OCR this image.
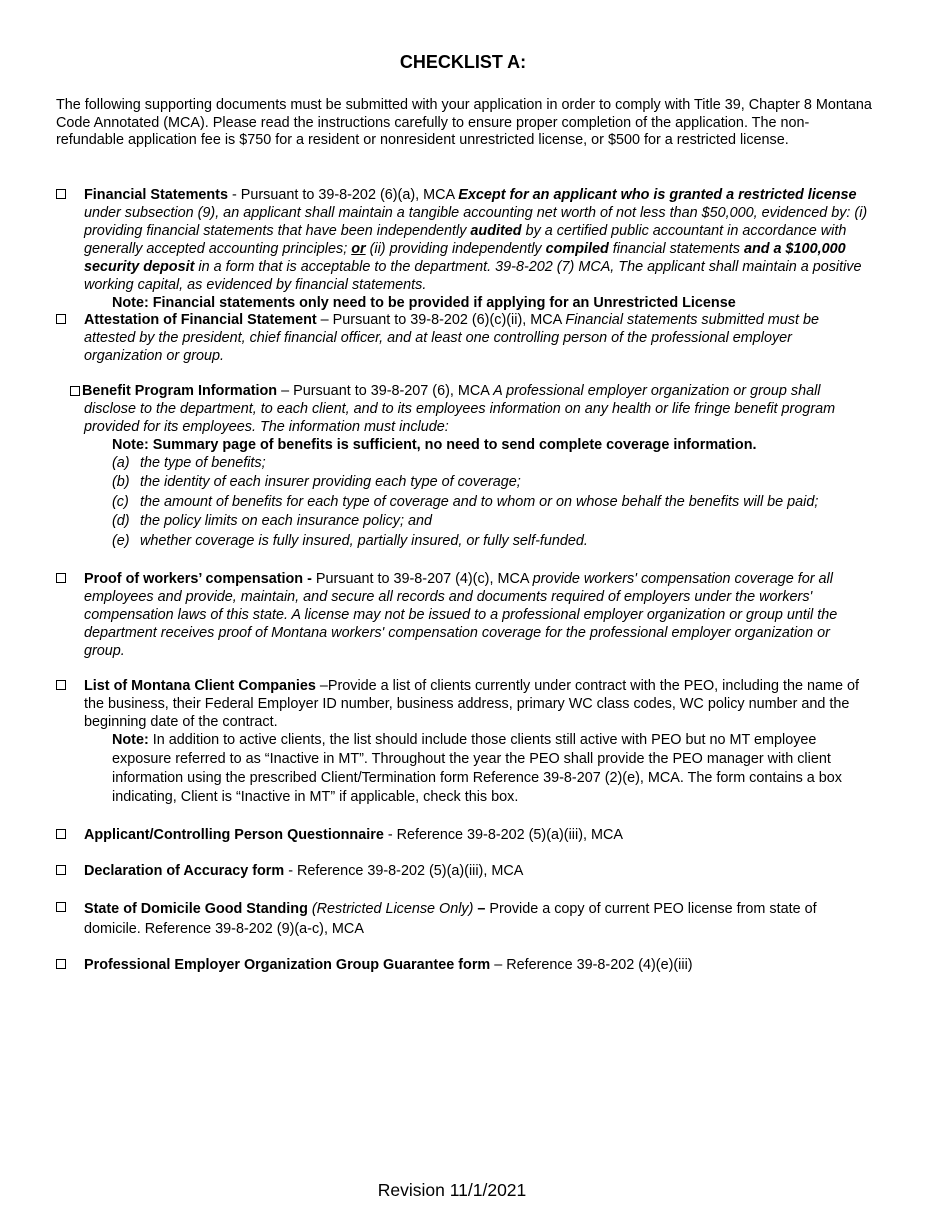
CHECKLIST A:
The following supporting documents must be submitted with your application in order to comply with Title 39, Chapter 8 Montana Code Annotated (MCA). Please read the instructions carefully to ensure proper completion of the application. The non-refundable application fee is $750 for a resident or nonresident unrestricted license, or $500 for a restricted license.
Financial Statements - Pursuant to 39-8-202 (6)(a), MCA Except for an applicant who is granted a restricted license under subsection (9), an applicant shall maintain a tangible accounting net worth of not less than $50,000, evidenced by: (i) providing financial statements that have been independently audited by a certified public accountant in accordance with generally accepted accounting principles; or (ii) providing independently compiled financial statements and a $100,000 security deposit in a form that is acceptable to the department. 39-8-202 (7) MCA, The applicant shall maintain a positive working capital, as evidenced by financial statements.
Note: Financial statements only need to be provided if applying for an Unrestricted License
Attestation of Financial Statement – Pursuant to 39-8-202 (6)(c)(ii), MCA Financial statements submitted must be attested by the president, chief financial officer, and at least one controlling person of the professional employer organization or group.
Benefit Program Information – Pursuant to 39-8-207 (6), MCA A professional employer organization or group shall disclose to the department, to each client, and to its employees information on any health or life fringe benefit program provided for its employees. The information must include:
Note: Summary page of benefits is sufficient, no need to send complete coverage information.
(a) the type of benefits;
(b) the identity of each insurer providing each type of coverage;
(c) the amount of benefits for each type of coverage and to whom or on whose behalf the benefits will be paid;
(d) the policy limits on each insurance policy; and
(e) whether coverage is fully insured, partially insured, or fully self-funded.
Proof of workers’ compensation - Pursuant to 39-8-207 (4)(c), MCA provide workers' compensation coverage for all employees and provide, maintain, and secure all records and documents required of employers under the workers' compensation laws of this state. A license may not be issued to a professional employer organization or group until the department receives proof of Montana workers' compensation coverage for the professional employer organization or group.
List of Montana Client Companies –Provide a list of clients currently under contract with the PEO, including the name of the business, their Federal Employer ID number, business address, primary WC class codes, WC policy number and the beginning date of the contract.
Note: In addition to active clients, the list should include those clients still active with PEO but no MT employee exposure referred to as “Inactive in MT”. Throughout the year the PEO shall provide the PEO manager with client information using the prescribed Client/Termination form Reference 39-8-207 (2)(e), MCA. The form contains a box indicating, Client is “Inactive in MT” if applicable, check this box.
Applicant/Controlling Person Questionnaire - Reference 39-8-202 (5)(a)(iii), MCA
Declaration of Accuracy form - Reference 39-8-202 (5)(a)(iii), MCA
State of Domicile Good Standing (Restricted License Only) – Provide a copy of current PEO license from state of domicile. Reference 39-8-202 (9)(a-c), MCA
Professional Employer Organization Group Guarantee form – Reference 39-8-202 (4)(e)(iii)
Revision 11/1/2021
